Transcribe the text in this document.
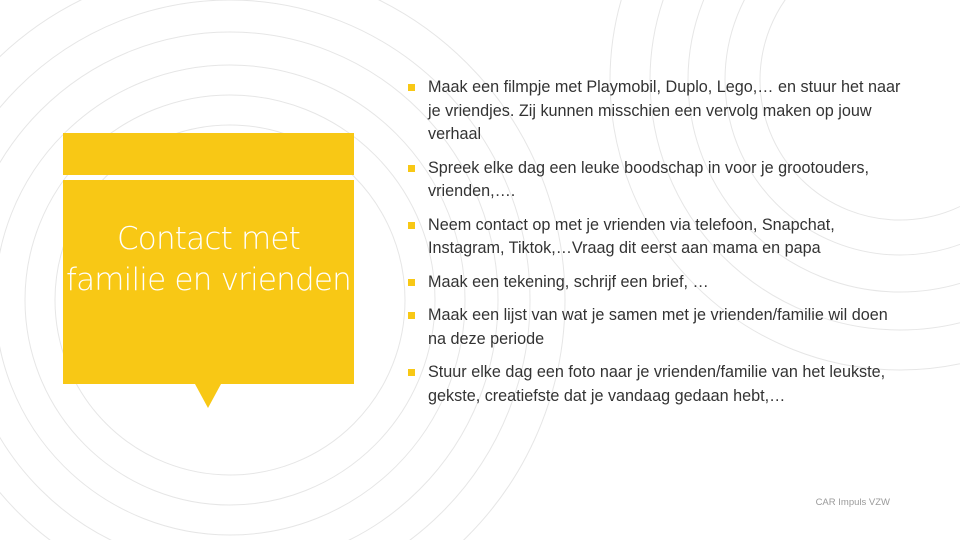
Contact met familie en vrienden
Maak een filmpje met Playmobil, Duplo, Lego,… en stuur het naar je vriendjes. Zij kunnen misschien een vervolg maken op jouw verhaal
Spreek elke dag een leuke boodschap in voor je grootouders, vrienden,….
Neem contact op met je vrienden via telefoon, Snapchat, Instagram, Tiktok,…Vraag dit eerst aan mama en papa
Maak een tekening, schrijf een brief, …
Maak een lijst van wat je samen met je vrienden/familie wil doen na deze periode
Stuur elke dag een foto naar je vrienden/familie van het leukste, gekste, creatiefste dat je vandaag gedaan hebt,…
CAR Impuls VZW
